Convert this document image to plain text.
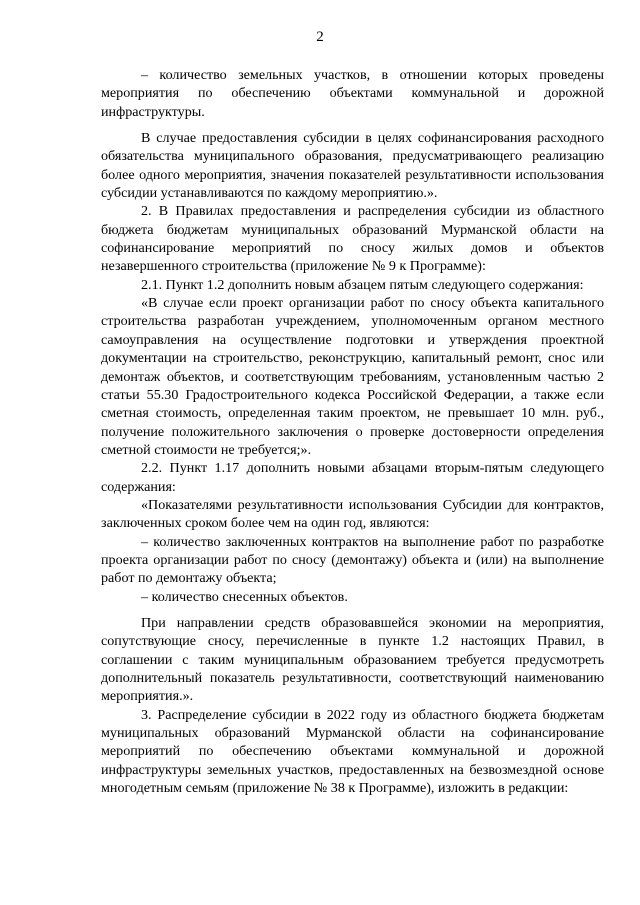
2

– количество земельных участков, в отношении которых проведены мероприятия по обеспечению объектами коммунальной и дорожной инфраструктуры.

В случае предоставления субсидии в целях софинансирования расходного обязательства муниципального образования, предусматривающего реализацию более одного мероприятия, значения показателей результативности использования субсидии устанавливаются по каждому мероприятию.».

2. В Правилах предоставления и распределения субсидии из областного бюджета бюджетам муниципальных образований Мурманской области на софинансирование мероприятий по сносу жилых домов и объектов незавершенного строительства (приложение № 9 к Программе):

2.1. Пункт 1.2 дополнить новым абзацем пятым следующего содержания:

«В случае если проект организации работ по сносу объекта капитального строительства разработан учреждением, уполномоченным органом местного самоуправления на осуществление подготовки и утверждения проектной документации на строительство, реконструкцию, капитальный ремонт, снос или демонтаж объектов, и соответствующим требованиям, установленным частью 2 статьи 55.30 Градостроительного кодекса Российской Федерации, а также если сметная стоимость, определенная таким проектом, не превышает 10 млн. руб., получение положительного заключения о проверке достоверности определения сметной стоимости не требуется;».

2.2. Пункт 1.17 дополнить новыми абзацами вторым-пятым следующего содержания:

«Показателями результативности использования Субсидии для контрактов, заключенных сроком более чем на один год, являются:

– количество заключенных контрактов на выполнение работ по разработке проекта организации работ по сносу (демонтажу) объекта и (или) на выполнение работ по демонтажу объекта;

– количество снесенных объектов.

При направлении средств образовавшейся экономии на мероприятия, сопутствующие сносу, перечисленные в пункте 1.2 настоящих Правил, в соглашении с таким муниципальным образованием требуется предусмотреть дополнительный показатель результативности, соответствующий наименованию мероприятия.».

3. Распределение субсидии в 2022 году из областного бюджета бюджетам муниципальных образований Мурманской области на софинансирование мероприятий по обеспечению объектами коммунальной и дорожной инфраструктуры земельных участков, предоставленных на безвозмездной основе многодетным семьям (приложение № 38 к Программе), изложить в редакции:
